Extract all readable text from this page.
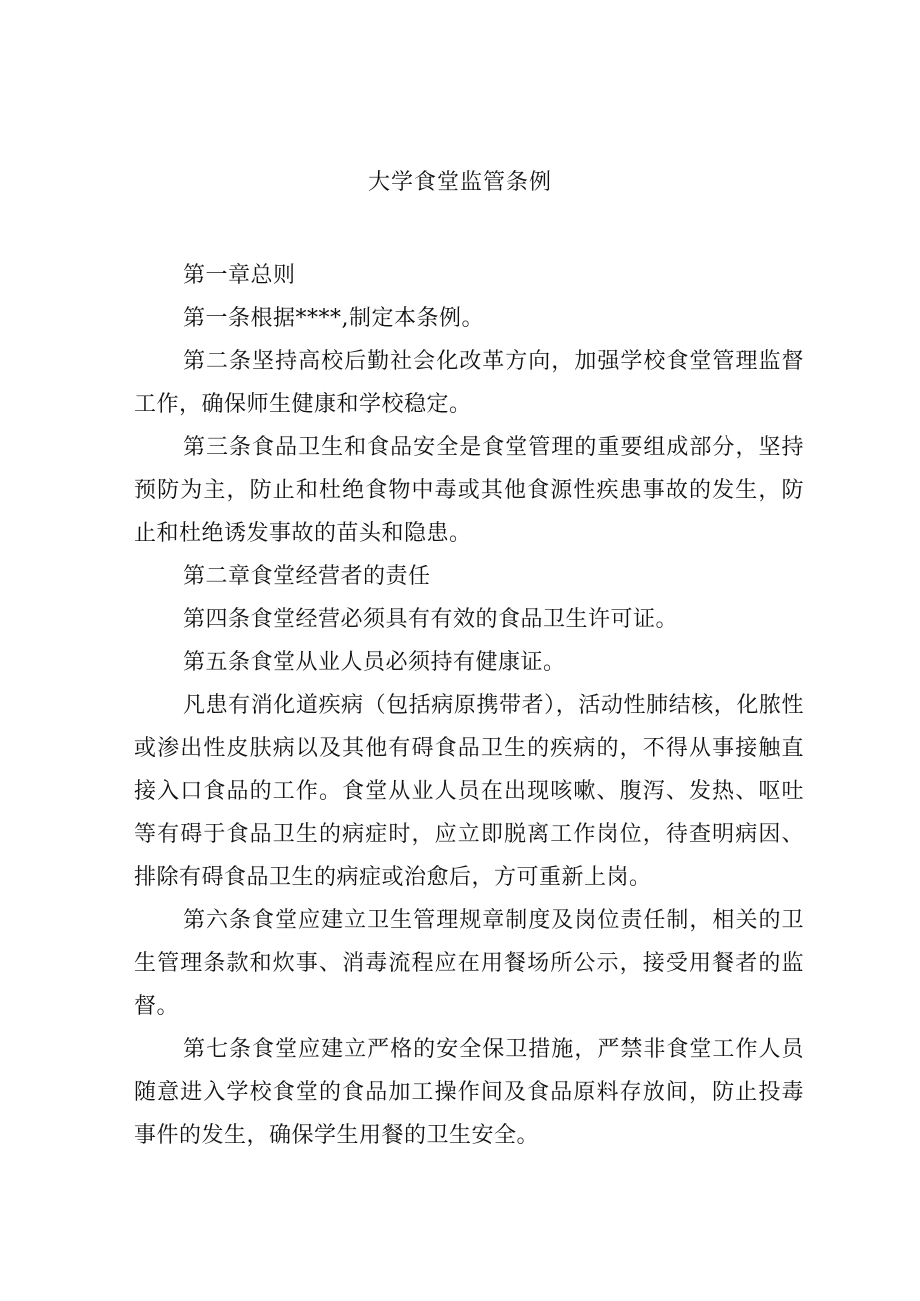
大学食堂监管条例

第一章总则

第一条根据****,制定本条例。

第二条坚持高校后勤社会化改革方向，加强学校食堂管理监督工作，确保师生健康和学校稳定。

第三条食品卫生和食品安全是食堂管理的重要组成部分，坚持预防为主，防止和杜绝食物中毒或其他食源性疾患事故的发生，防止和杜绝诱发事故的苗头和隐患。

第二章食堂经营者的责任

第四条食堂经营必须具有有效的食品卫生许可证。

第五条食堂从业人员必须持有健康证。

凡患有消化道疾病（包括病原携带者），活动性肺结核，化脓性或渗出性皮肤病以及其他有碍食品卫生的疾病的，不得从事接触直接入口食品的工作。食堂从业人员在出现咳嗽、腹泻、发热、呕吐等有碍于食品卫生的病症时，应立即脱离工作岗位，待查明病因、排除有碍食品卫生的病症或治愈后，方可重新上岗。

第六条食堂应建立卫生管理规章制度及岗位责任制，相关的卫生管理条款和炊事、消毒流程应在用餐场所公示，接受用餐者的监督。

第七条食堂应建立严格的安全保卫措施，严禁非食堂工作人员随意进入学校食堂的食品加工操作间及食品原料存放间，防止投毒事件的发生，确保学生用餐的卫生安全。
